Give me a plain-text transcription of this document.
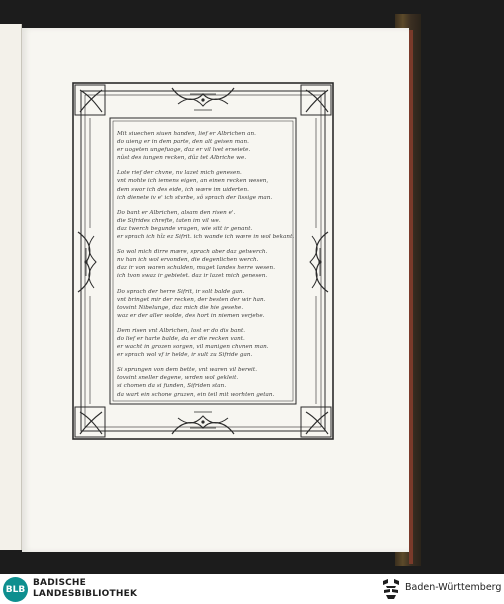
Mit siuechen siuen handen, lief er Albrichen an.
do uieng er in dem parte, den alt geisen man.
er uogeten ungefuoge, daz er vil lvet erseiete.
nûst des iungen recken, dûz tet Albriche we.
Lote rief der chvne, nv lazet mich genesen.
vnt mohte ich iemens eigen, an einen recken wesen,
dem swor ich des eide, ich wære im uiderten.
ich dienete iv e' ich stvrbe, sô sprach der lissige man.
Do bant er Albrichen, alsam den risen e'.
die Sifrides chrefte, taten im vil we.
daz twerch begunde vragen, wie sitt ir genant.
er sprach ich hîz ez Sifrit. ich wande ich wære in wol bekant.
So wol mich dirre mære, sprach aber daz getwerch.
nv han ich wol ervonden, die degenlichen werch.
daz ir von waren schulden, muget landes herre wesen.
ich tvon swaz ir gebietet. daz ir lazet mich genesen.
Do sprach der herre Sifrit, ir solt balde gan.
vnt bringet mir der recken, der besten der wir han.
tovsint Nibelunge, daz mich die hie gesehe.
waz er der aller wolde, des hort in niemen verjehe.
Dem risen vnt Albrichen, lost er do dis bant.
do lief er harte balde, da er die recken vant.
er wacht in grozen sorgen, vil manigen chvnen man.
er sprach wol vf ir helde, ir sult zu Sifride gan.
Si sprungen von dem bette, vnt waren vil bereit.
tovsint sneller degene, wrden wol gekleit.
si chomen da si funden, Sifriden stan.
da wart ein schone gruzen, ein teil mit worhten getan.
BLB
BADISCHE
LANDESBIBLIOTHEK
Baden-Württemberg
